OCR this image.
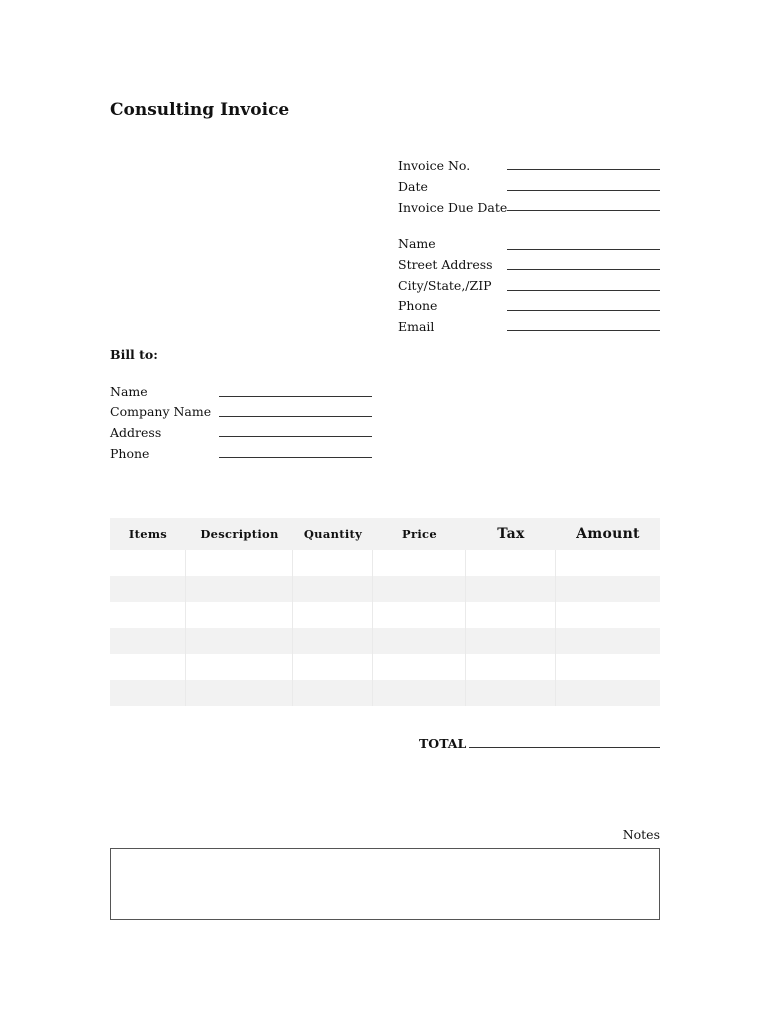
Consulting Invoice
Invoice No.
Date
Invoice Due Date
Name
Street Address
City/State,/ZIP
Phone
Email
Bill to:
Name
Company Name
Address
Phone
Items	Description	Quantity	Price	Tax	Amount
TOTAL
Notes
